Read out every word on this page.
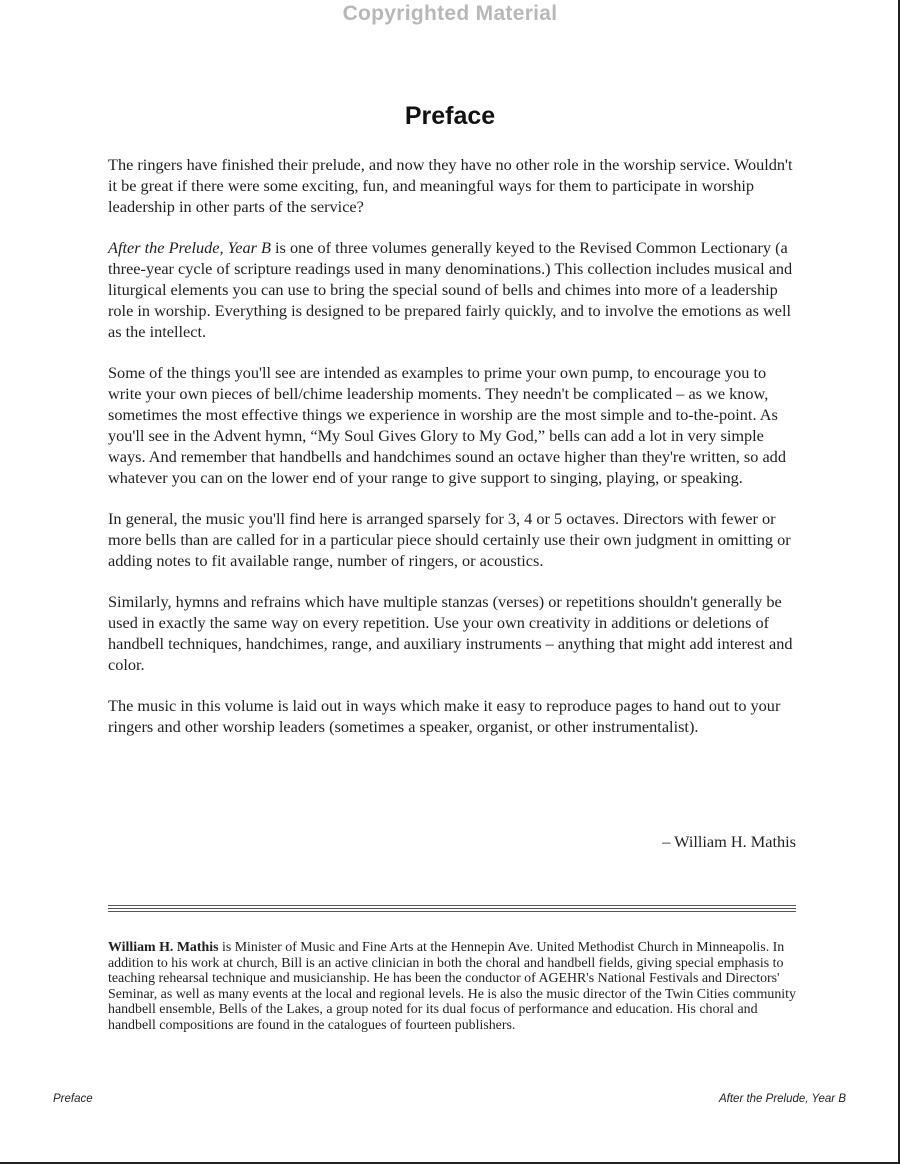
Copyrighted Material
Preface

The ringers have finished their prelude, and now they have no other role in the worship service. Wouldn't it be great if there were some exciting, fun, and meaningful ways for them to participate in worship leadership in other parts of the service?

After the Prelude, Year B is one of three volumes generally keyed to the Revised Common Lectionary (a three-year cycle of scripture readings used in many denominations.) This collection includes musical and liturgical elements you can use to bring the special sound of bells and chimes into more of a leadership role in worship. Everything is designed to be prepared fairly quickly, and to involve the emotions as well as the intellect.

Some of the things you'll see are intended as examples to prime your own pump, to encourage you to write your own pieces of bell/chime leadership moments. They needn't be complicated – as we know, sometimes the most effective things we experience in worship are the most simple and to-the-point. As you'll see in the Advent hymn, “My Soul Gives Glory to My God,” bells can add a lot in very simple ways. And remember that handbells and handchimes sound an octave higher than they're written, so add whatever you can on the lower end of your range to give support to singing, playing, or speaking.

In general, the music you'll find here is arranged sparsely for 3, 4 or 5 octaves. Directors with fewer or more bells than are called for in a particular piece should certainly use their own judgment in omitting or adding notes to fit available range, number of ringers, or acoustics.

Similarly, hymns and refrains which have multiple stanzas (verses) or repetitions shouldn't generally be used in exactly the same way on every repetition. Use your own creativity in additions or deletions of handbell techniques, handchimes, range, and auxiliary instruments – anything that might add interest and color.

The music in this volume is laid out in ways which make it easy to reproduce pages to hand out to your ringers and other worship leaders (sometimes a speaker, organist, or other instrumentalist).

– William H. Mathis
William H. Mathis is Minister of Music and Fine Arts at the Hennepin Ave. United Methodist Church in Minneapolis. In addition to his work at church, Bill is an active clinician in both the choral and handbell fields, giving special emphasis to teaching rehearsal technique and musicianship. He has been the conductor of AGEHR's National Festivals and Directors' Seminar, as well as many events at the local and regional levels. He is also the music director of the Twin Cities community handbell ensemble, Bells of the Lakes, a group noted for its dual focus of performance and education. His choral and handbell compositions are found in the catalogues of fourteen publishers.
Preface	After the Prelude, Year B
